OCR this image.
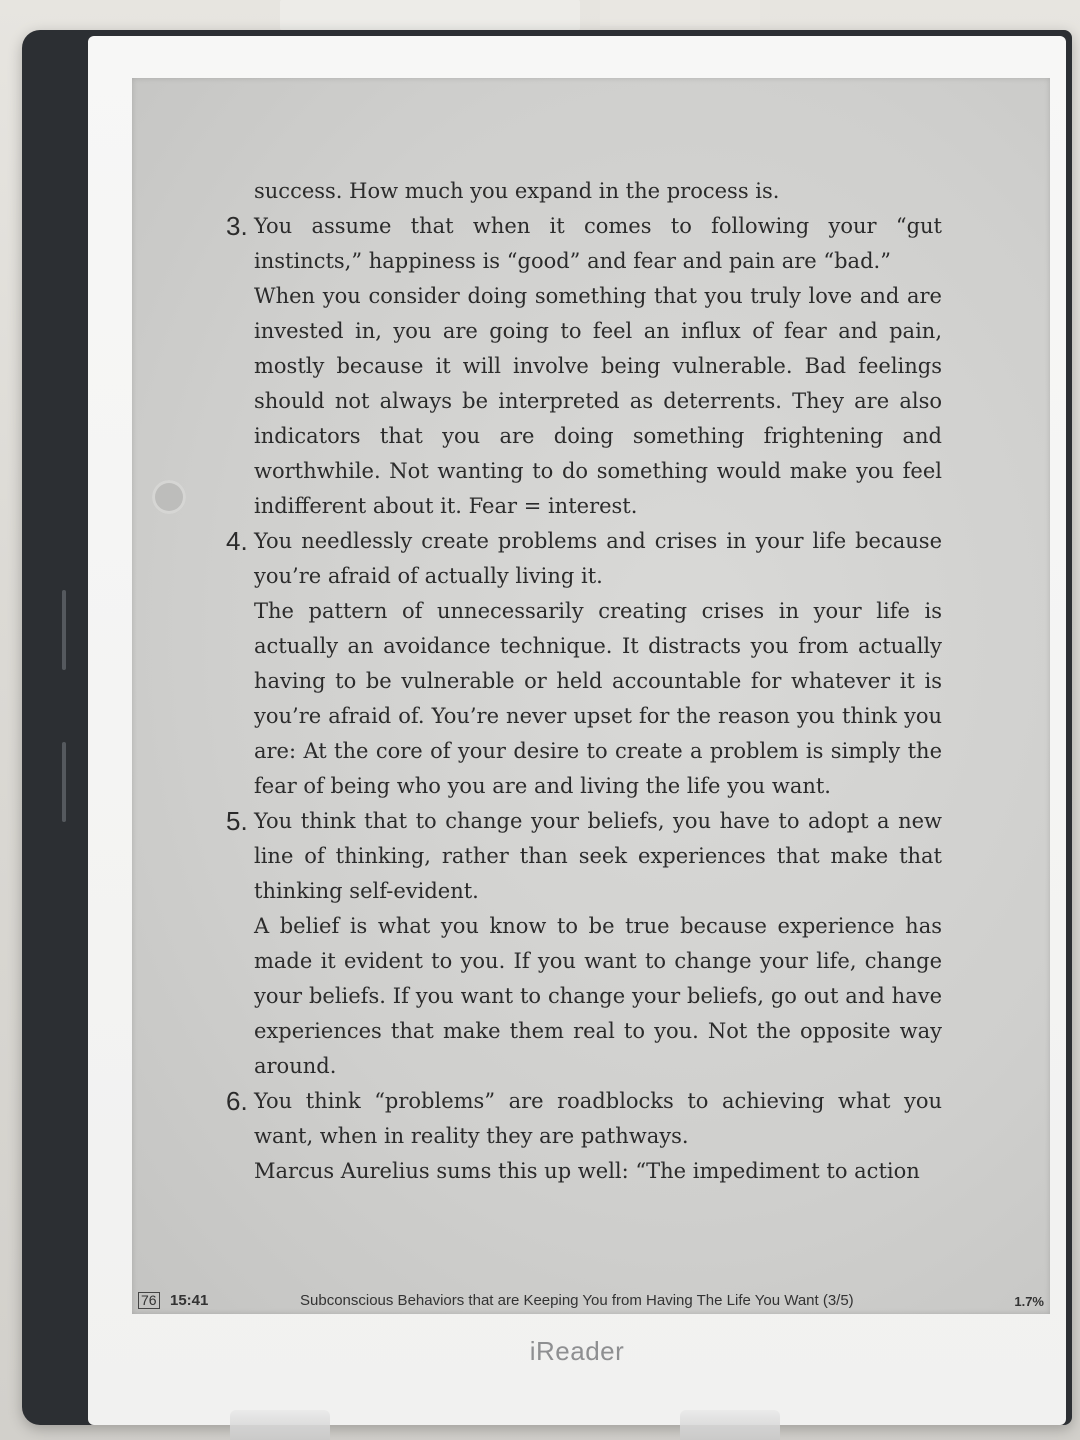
iReader

success. How much you expand in the process is.

3. You assume that when it comes to following your “gut instincts,” happiness is “good” and fear and pain are “bad.”

When you consider doing something that you truly love and are invested in, you are going to feel an influx of fear and pain, mostly because it will involve being vulnerable. Bad feelings should not always be interpreted as deterrents. They are also indicators that you are doing something frightening and worthwhile. Not wanting to do something would make you feel indifferent about it. Fear = interest.

4. You needlessly create problems and crises in your life because you’re afraid of actually living it.

The pattern of unnecessarily creating crises in your life is actually an avoidance technique. It distracts you from actually having to be vulnerable or held accountable for whatever it is you’re afraid of. You’re never upset for the reason you think you are: At the core of your desire to create a problem is simply the fear of being who you are and living the life you want.

5. You think that to change your beliefs, you have to adopt a new line of thinking, rather than seek experiences that make that thinking self-evident.

A belief is what you know to be true because experience has made it evident to you. If you want to change your life, change your beliefs. If you want to change your beliefs, go out and have experiences that make them real to you. Not the opposite way around.

6. You think “problems” are roadblocks to achieving what you want, when in reality they are pathways.

Marcus Aurelius sums this up well: “The impediment to action

76 15:41	Subconscious Behaviors that are Keeping You from Having The Life You Want (3/5)	1.7%
